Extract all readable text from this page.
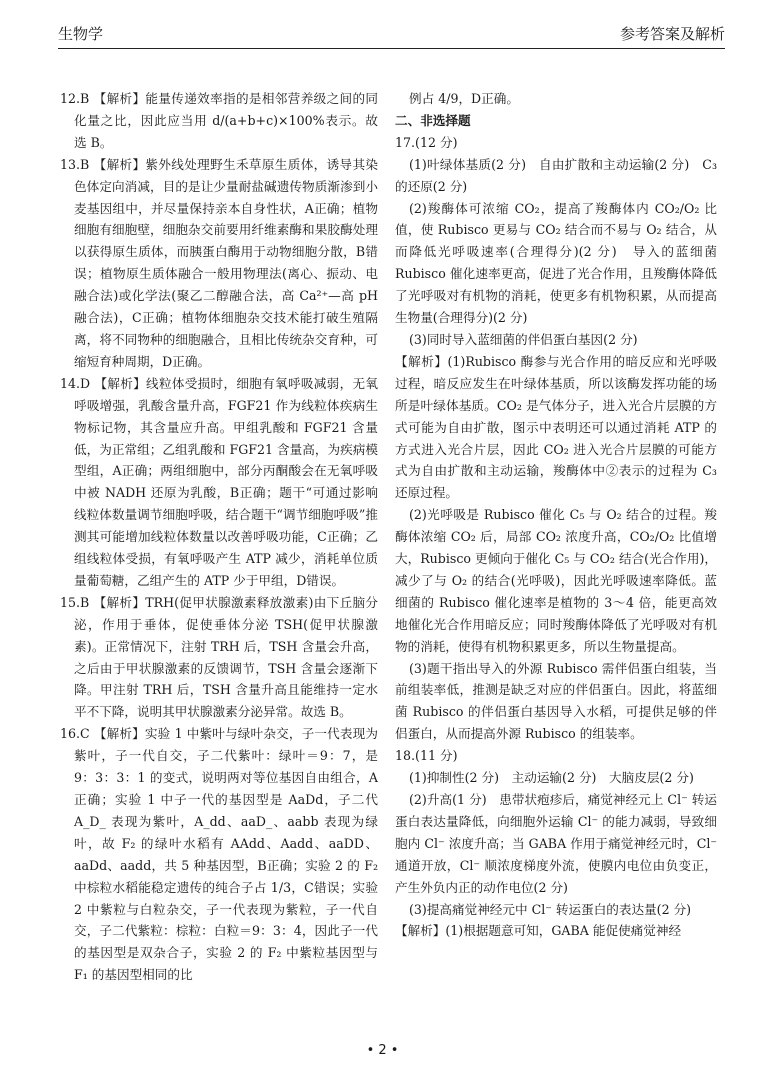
生物学	参考答案及解析

12.B 【解析】能量传递效率指的是相邻营养级之间的同化量之比，因此应当用 d/(a+b+c)×100%表示。故选 B。

13.B 【解析】紫外线处理野生禾草原生质体，诱导其染色体定向消减，目的是让少量耐盐碱遗传物质渐渗到小麦基因组中，并尽量保持亲本自身性状，A正确；植物细胞有细胞壁，细胞杂交前要用纤维素酶和果胶酶处理以获得原生质体，而胰蛋白酶用于动物细胞分散，B错误；植物原生质体融合一般用物理法(离心、振动、电融合法)或化学法(聚乙二醇融合法，高 Ca²⁺—高 pH 融合法)，C正确；植物体细胞杂交技术能打破生殖隔离，将不同物种的细胞融合，且相比传统杂交育种，可缩短育种周期，D正确。

14.D 【解析】线粒体受损时，细胞有氧呼吸减弱，无氧呼吸增强，乳酸含量升高，FGF21 作为线粒体疾病生物标记物，其含量应升高。甲组乳酸和 FGF21 含量低，为正常组；乙组乳酸和 FGF21 含量高，为疾病模型组，A正确；两组细胞中，部分丙酮酸会在无氧呼吸中被 NADH 还原为乳酸，B正确；题干“可通过影响线粒体数量调节细胞呼吸，结合题干“调节细胞呼吸”推测其可能增加线粒体数量以改善呼吸功能，C正确；乙组线粒体受损，有氧呼吸产生 ATP 减少，消耗单位质量葡萄糖，乙组产生的 ATP 少于甲组，D错误。

15.B 【解析】TRH(促甲状腺激素释放激素)由下丘脑分泌，作用于垂体，促使垂体分泌 TSH(促甲状腺激素)。正常情况下，注射 TRH 后，TSH 含量会升高，之后由于甲状腺激素的反馈调节，TSH 含量会逐渐下降。甲注射 TRH 后，TSH 含量升高且能维持一定水平不下降，说明其甲状腺激素分泌异常。故选 B。

16.C 【解析】实验 1 中紫叶与绿叶杂交，子一代表现为紫叶，子一代自交，子二代紫叶：绿叶＝9：7，是 9：3：3：1 的变式，说明两对等位基因自由组合，A正确；实验 1 中子一代的基因型是 AaDd，子二代 A_D_ 表现为紫叶，A_dd、aaD_、aabb 表现为绿叶，故 F₂ 的绿叶水稻有 AAdd、Aadd、aaDD、aaDd、aadd，共 5 种基因型，B正确；实验 2 的 F₂ 中棕粒水稻能稳定遗传的纯合子占 1/3，C错误；实验 2 中紫粒与白粒杂交，子一代表现为紫粒，子一代自交，子二代紫粒：棕粒：白粒＝9：3：4，因此子一代的基因型是双杂合子，实验 2 的 F₂ 中紫粒基因型与 F₁ 的基因型相同的比

例占 4/9，D正确。

二、非选择题

17.(12 分)

(1)叶绿体基质(2 分)　自由扩散和主动运输(2 分)　C₃ 的还原(2 分)

(2)羧酶体可浓缩 CO₂，提高了羧酶体内 CO₂/O₂ 比值，使 Rubisco 更易与 CO₂ 结合而不易与 O₂ 结合，从而降低光呼吸速率(合理得分)(2 分)　导入的蓝细菌 Rubisco 催化速率更高，促进了光合作用，且羧酶体降低了光呼吸对有机物的消耗，使更多有机物积累，从而提高生物量(合理得分)(2 分)

(3)同时导入蓝细菌的伴侣蛋白基因(2 分)

【解析】(1)Rubisco 酶参与光合作用的暗反应和光呼吸过程，暗反应发生在叶绿体基质，所以该酶发挥功能的场所是叶绿体基质。CO₂ 是气体分子，进入光合片层膜的方式可能为自由扩散，图示中表明还可以通过消耗 ATP 的方式进入光合片层，因此 CO₂ 进入光合片层膜的可能方式为自由扩散和主动运输，羧酶体中②表示的过程为 C₃ 还原过程。

(2)光呼吸是 Rubisco 催化 C₅ 与 O₂ 结合的过程。羧酶体浓缩 CO₂ 后，局部 CO₂ 浓度升高，CO₂/O₂ 比值增大，Rubisco 更倾向于催化 C₅ 与 CO₂ 结合(光合作用)，减少了与 O₂ 的结合(光呼吸)，因此光呼吸速率降低。蓝细菌的 Rubisco 催化速率是植物的 3～4 倍，能更高效地催化光合作用暗反应；同时羧酶体降低了光呼吸对有机物的消耗，使得有机物积累更多，所以生物量提高。

(3)题干指出导入的外源 Rubisco 需伴侣蛋白组装，当前组装率低，推测是缺乏对应的伴侣蛋白。因此，将蓝细菌 Rubisco 的伴侣蛋白基因导入水稻，可提供足够的伴侣蛋白，从而提高外源 Rubisco 的组装率。

18.(11 分)

(1)抑制性(2 分)　主动运输(2 分)　大脑皮层(2 分)

(2)升高(1 分)　患带状疱疹后，痛觉神经元上 Cl⁻ 转运蛋白表达量降低，向细胞外运输 Cl⁻ 的能力减弱，导致细胞内 Cl⁻ 浓度升高；当 GABA 作用于痛觉神经元时，Cl⁻ 通道开放，Cl⁻ 顺浓度梯度外流，使膜内电位由负变正，产生外负内正的动作电位(2 分)

(3)提高痛觉神经元中 Cl⁻ 转运蛋白的表达量(2 分)

【解析】(1)根据题意可知，GABA 能促使痛觉神经

• 2 •
